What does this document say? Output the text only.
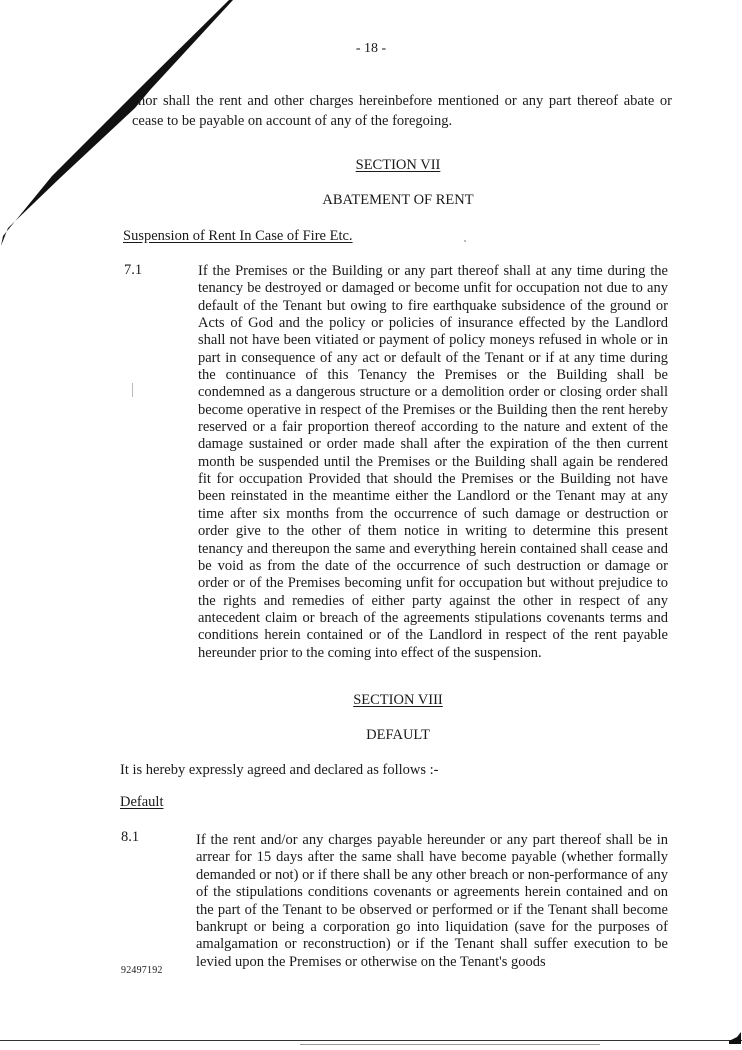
- 18 -

nor shall the rent and other charges hereinbefore mentioned or any part thereof abate or cease to be payable on account of any of the foregoing.

SECTION VII

ABATEMENT OF RENT

Suspension of Rent In Case of Fire Etc.

7.1	If the Premises or the Building or any part thereof shall at any time during the tenancy be destroyed or damaged or become unfit for occupation not due to any default of the Tenant but owing to fire earthquake subsidence of the ground or Acts of God and the policy or policies of insurance effected by the Landlord shall not have been vitiated or payment of policy moneys refused in whole or in part in consequence of any act or default of the Tenant or if at any time during the continuance of this Tenancy the Premises or the Building shall be condemned as a dangerous structure or a demolition order or closing order shall become operative in respect of the Premises or the Building then the rent hereby reserved or a fair proportion thereof according to the nature and extent of the damage sustained or order made shall after the expiration of the then current month be suspended until the Premises or the Building shall again be rendered fit for occupation Provided that should the Premises or the Building not have been reinstated in the meantime either the Landlord or the Tenant may at any time after six months from the occurrence of such damage or destruction or order give to the other of them notice in writing to determine this present tenancy and thereupon the same and everything herein contained shall cease and be void as from the date of the occurrence of such destruction or damage or order or of the Premises becoming unfit for occupation but without prejudice to the rights and remedies of either party against the other in respect of any antecedent claim or breach of the agreements stipulations covenants terms and conditions herein contained or of the Landlord in respect of the rent payable hereunder prior to the coming into effect of the suspension.

SECTION VIII

DEFAULT

It is hereby expressly agreed and declared as follows :-

Default

8.1	If the rent and/or any charges payable hereunder or any part thereof shall be in arrear for 15 days after the same shall have become payable (whether formally demanded or not) or if there shall be any other breach or non-performance of any of the stipulations conditions covenants or agreements herein contained and on the part of the Tenant to be observed or performed or if the Tenant shall become bankrupt or being a corporation go into liquidation (save for the purposes of amalgamation or reconstruction) or if the Tenant shall suffer execution to be levied upon the Premises or otherwise on the Tenant's goods

92497192
